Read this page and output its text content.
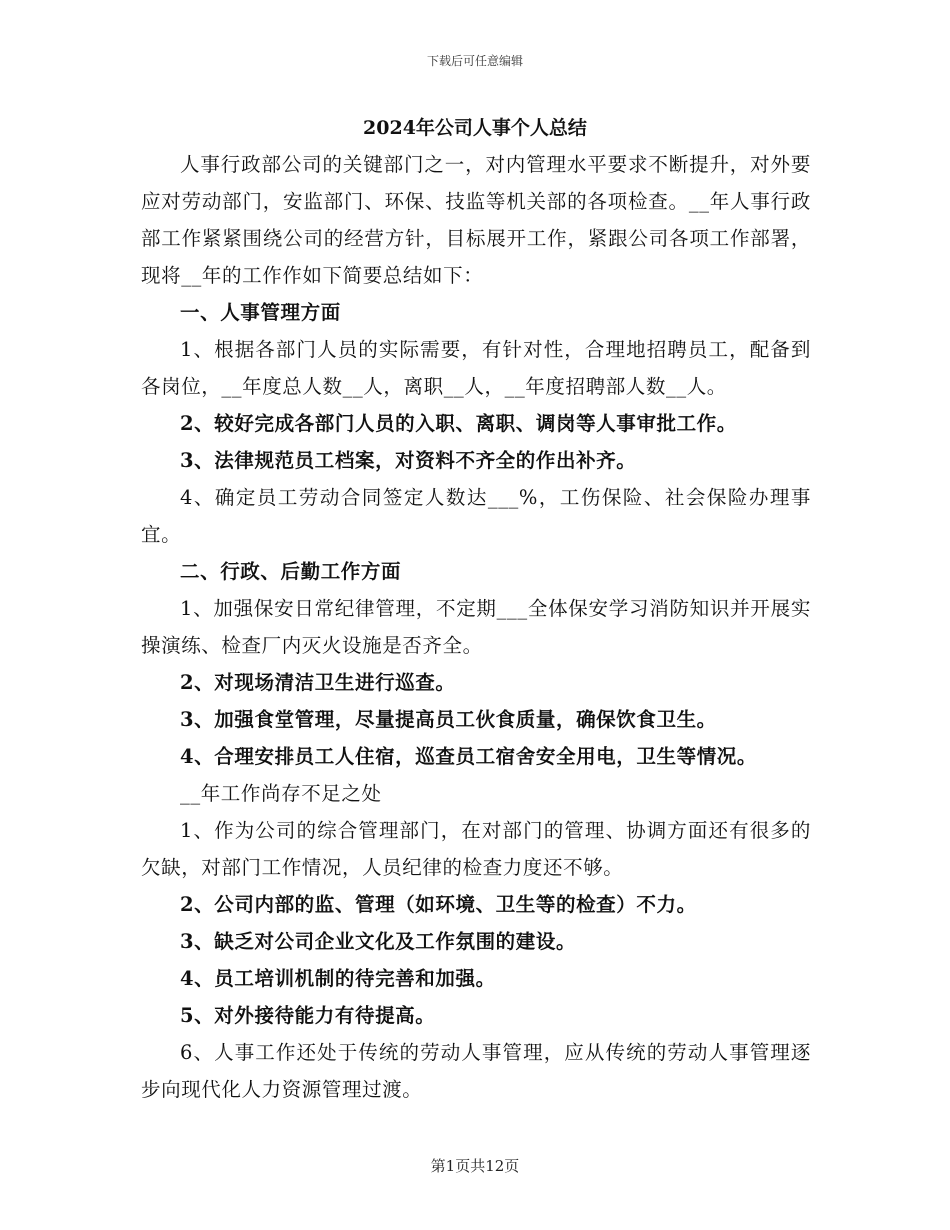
下载后可任意编辑
2024年公司人事个人总结

人事行政部公司的关键部门之一，对内管理水平要求不断提升，对外要应对劳动部门，安监部门、环保、技监等机关部的各项检查。__年人事行政部工作紧紧围绕公司的经营方针，目标展开工作，紧跟公司各项工作部署，现将__年的工作作如下简要总结如下：

一、人事管理方面

1、根据各部门人员的实际需要，有针对性，合理地招聘员工，配备到各岗位，__年度总人数__人，离职__人，__年度招聘部人数__人。

2、较好完成各部门人员的入职、离职、调岗等人事审批工作。

3、法律规范员工档案，对资料不齐全的作出补齐。

4、确定员工劳动合同签定人数达___%，工伤保险、社会保险办理事宜。

二、行政、后勤工作方面

1、加强保安日常纪律管理，不定期___全体保安学习消防知识并开展实操演练、检查厂内灭火设施是否齐全。

2、对现场清洁卫生进行巡查。

3、加强食堂管理，尽量提高员工伙食质量，确保饮食卫生。

4、合理安排员工人住宿，巡查员工宿舍安全用电，卫生等情况。

__年工作尚存不足之处

1、作为公司的综合管理部门，在对部门的管理、协调方面还有很多的欠缺，对部门工作情况，人员纪律的检查力度还不够。

2、公司内部的监、管理（如环境、卫生等的检查）不力。

3、缺乏对公司企业文化及工作氛围的建设。

4、员工培训机制的待完善和加强。

5、对外接待能力有待提高。

6、人事工作还处于传统的劳动人事管理，应从传统的劳动人事管理逐步向现代化人力资源管理过渡。

第1页共12页
